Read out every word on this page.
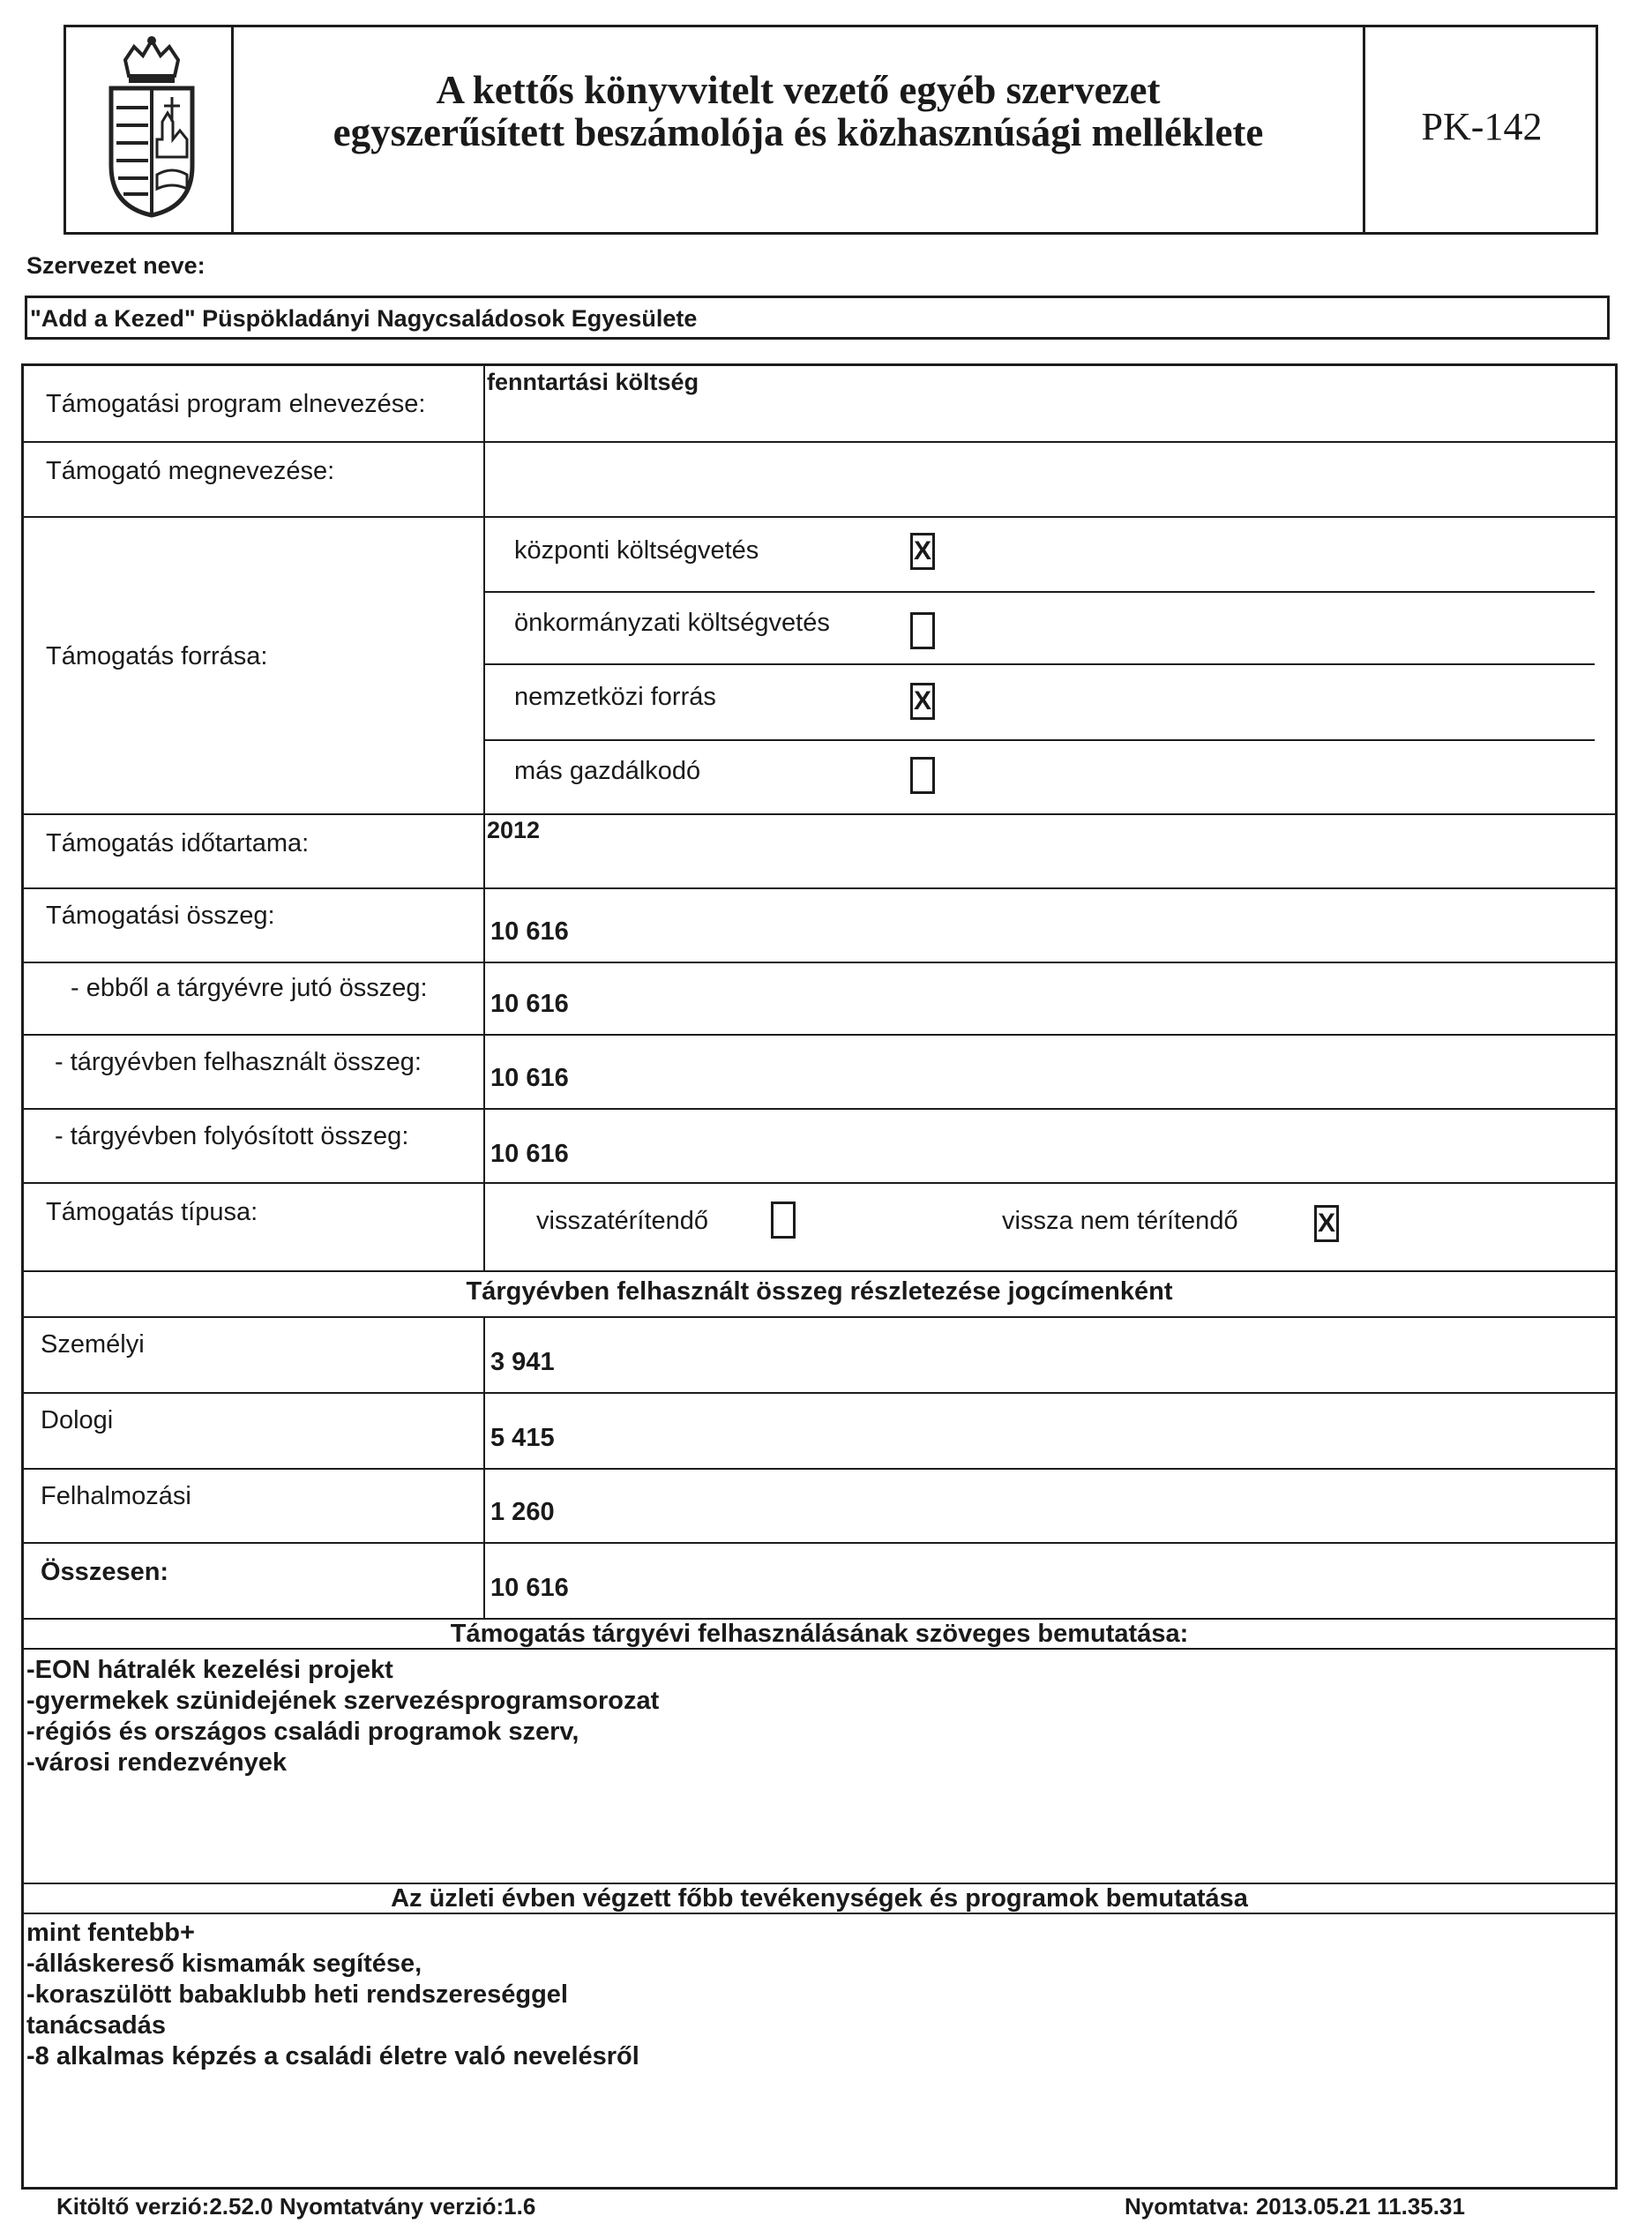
A kettős könyvvitelt vezető egyéb szervezet
egyszerűsített beszámolója és közhasznúsági melléklete	PK-142
Szervezet neve:
"Add a Kezed" Püspökladányi Nagycsaládosok Egyesülete
Támogatási program elnevezése:
fenntartási költség
Támogató megnevezése:
Támogatás forrása:
központi költségvetés	X
önkormányzati költségvetés
nemzetközi forrás	X
más gazdálkodó
Támogatás időtartama:	2012
Támogatási összeg:
10 616
- ebből a tárgyévre jutó összeg:
10 616
- tárgyévben felhasznált összeg:
10 616
- tárgyévben folyósított összeg:
10 616
Támogatás típusa:	visszatérítendő	vissza nem térítendő	X
Tárgyévben felhasznált összeg részletezése jogcímenként
Személyi
3 941
Dologi
5 415
Felhalmozási
1 260
Összesen:
10 616
Támogatás tárgyévi felhasználásának szöveges bemutatása:
-EON hátralék kezelési projekt
-gyermekek szünidejének szervezésprogramsorozat
-régiós és országos családi programok szerv,
-városi rendezvények
Az üzleti évben végzett főbb tevékenységek és programok bemutatása
mint fentebb+
-álláskereső kismamák segítése,
-koraszülött babaklubb heti rendszereséggel
tanácsadás
-8 alkalmas képzés a családi életre való nevelésről
Kitöltő verzió:2.52.0 Nyomtatvány verzió:1.6	Nyomtatva: 2013.05.21 11.35.31
